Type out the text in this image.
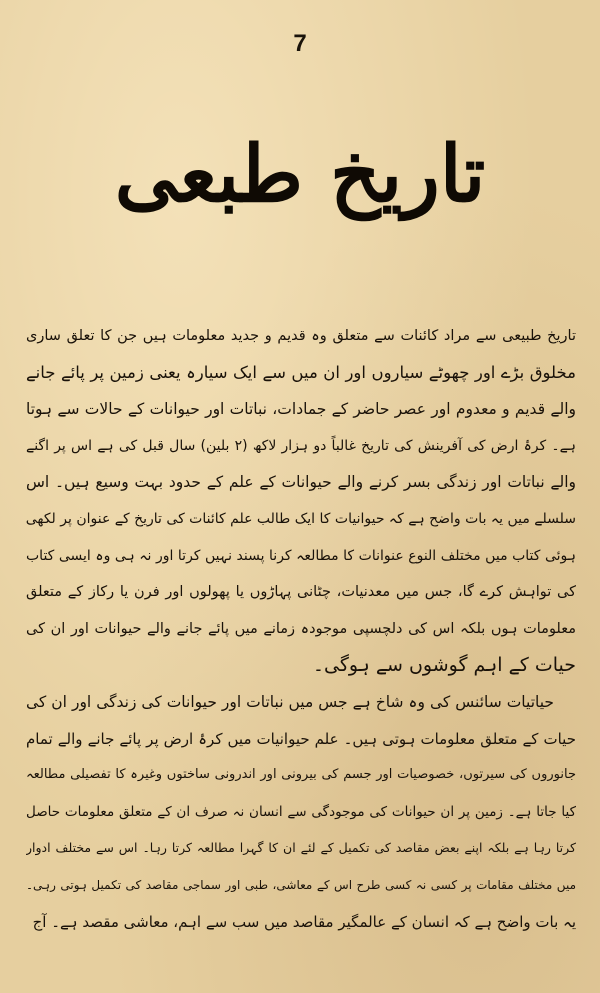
7
تاریخ طبعی
تاریخ طبیعی سے مراد کائنات سے متعلق وہ قدیم و جدید معلومات ہیں جن کا تعلق ساری
مخلوق بڑے اور چھوٹے سیاروں اور ان میں سے ایک سیارہ یعنی زمین پر پائے جانے
والے قدیم و معدوم اور عصر حاضر کے جمادات، نباتات اور حیوانات کے حالات سے ہوتا
ہے۔ کرۂ ارض کی آفرینش کی تاریخ غالباً دو ہزار لاکھ (۲ بلین) سال قبل کی ہے اس پر اگنے
والے نباتات اور زندگی بسر کرنے والے حیوانات کے علم کے حدود بہت وسیع ہیں۔ اس
سلسلے میں یہ بات واضح ہے کہ حیوانیات کا ایک طالب علم کائنات کی تاریخ کے عنوان پر لکھی
ہوئی کتاب میں مختلف النوع عنوانات کا مطالعہ کرنا پسند نہیں کرتا اور نہ ہی وہ ایسی کتاب
کی تواہش کرے گا، جس میں معدنیات، چٹانی پہاڑوں یا پھولوں اور فرن یا رکاز کے متعلق
معلومات ہوں بلکہ اس کی دلچسپی موجودہ زمانے میں پائے جانے والے حیوانات اور ان کی
حیات کے اہم گوشوں سے ہوگی۔
حیاتیات سائنس کی وہ شاخ ہے جس میں نباتات اور حیوانات کی زندگی اور ان کی
حیات کے متعلق معلومات ہوتی ہیں۔ علم حیوانیات میں کرۂ ارض پر پائے جانے والے تمام
جانوروں کی سیرتوں، خصوصیات اور جسم کی بیرونی اور اندرونی ساختوں وغیرہ کا تفصیلی مطالعہ
کیا جاتا ہے۔ زمین پر ان حیوانات کی موجودگی سے انسان نہ صرف ان کے متعلق معلومات حاصل
کرتا رہا ہے بلکہ اپنے بعض مقاصد کی تکمیل کے لئے ان کا گہرا مطالعہ کرتا رہا۔ اس سے مختلف ادوار
میں مختلف مقامات پر کسی نہ کسی طرح اس کے معاشی، طبی اور سماجی مقاصد کی تکمیل ہوتی رہی۔
یہ بات واضح ہے کہ انسان کے عالمگیر مقاصد میں سب سے اہم، معاشی مقصد ہے۔ آج
